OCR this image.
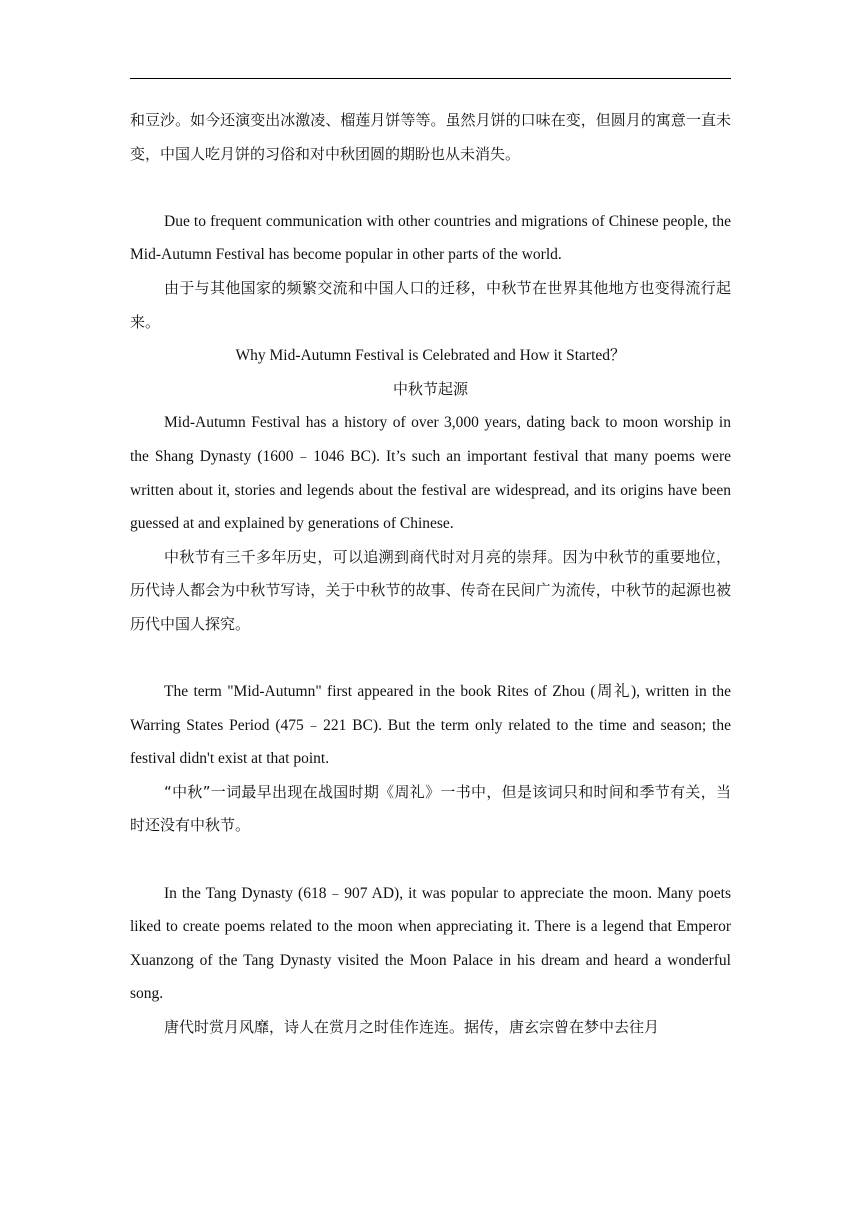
和豆沙。如今还演变出冰激凌、榴莲月饼等等。虽然月饼的口味在变，但圆月的寓意一直未变，中国人吃月饼的习俗和对中秋团圆的期盼也从未消失。

Due to frequent communication with other countries and migrations of Chinese people, the Mid-Autumn Festival has become popular in other parts of the world.

由于与其他国家的频繁交流和中国人口的迁移，中秋节在世界其他地方也变得流行起来。

Why Mid-Autumn Festival is Celebrated and How it Started？

中秋节起源

Mid-Autumn Festival has a history of over 3,000 years, dating back to moon worship in the Shang Dynasty (1600﹣1046 BC). It’s such an important festival that many poems were written about it, stories and legends about the festival are widespread, and its origins have been guessed at and explained by generations of Chinese.

中秋节有三千多年历史，可以追溯到商代时对月亮的崇拜。因为中秋节的重要地位，历代诗人都会为中秋节写诗，关于中秋节的故事、传奇在民间广为流传，中秋节的起源也被历代中国人探究。

The term "Mid-Autumn" first appeared in the book Rites of Zhou (周礼), written in the Warring States Period (475﹣221 BC). But the term only related to the time and season; the festival didn't exist at that point.

“中秋”一词最早出现在战国时期《周礼》一书中，但是该词只和时间和季节有关，当时还没有中秋节。

In the Tang Dynasty (618﹣907 AD), it was popular to appreciate the moon. Many poets liked to create poems related to the moon when appreciating it. There is a legend that Emperor Xuanzong of the Tang Dynasty visited the Moon Palace in his dream and heard a wonderful song.

唐代时赏月风靡，诗人在赏月之时佳作连连。据传，唐玄宗曾在梦中去往月
